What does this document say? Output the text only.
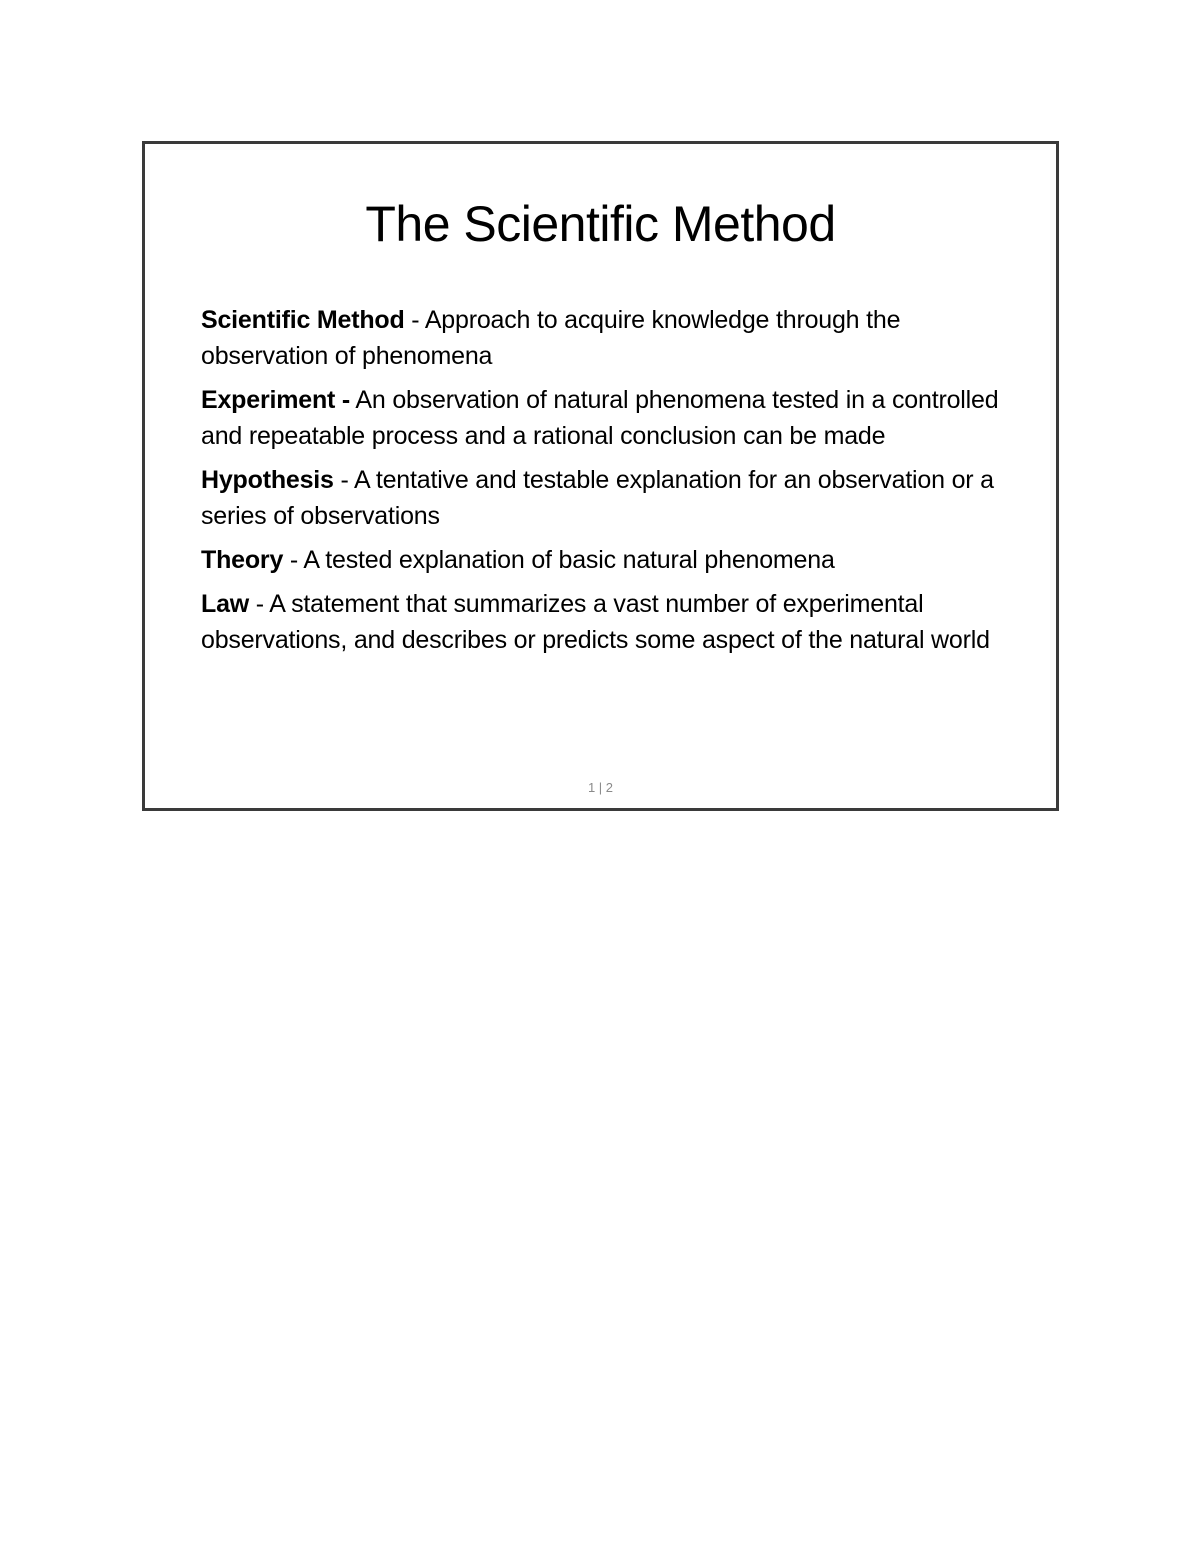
The Scientific Method
Scientific Method - Approach to acquire knowledge through the observation of phenomena
Experiment - An observation of natural phenomena tested in a controlled and repeatable process and a rational conclusion can be made
Hypothesis - A tentative and testable explanation for an observation or a series of observations
Theory - A tested explanation of basic natural phenomena
Law - A statement that summarizes a vast number of experimental observations, and describes or predicts some aspect of the natural world
1 | 2
